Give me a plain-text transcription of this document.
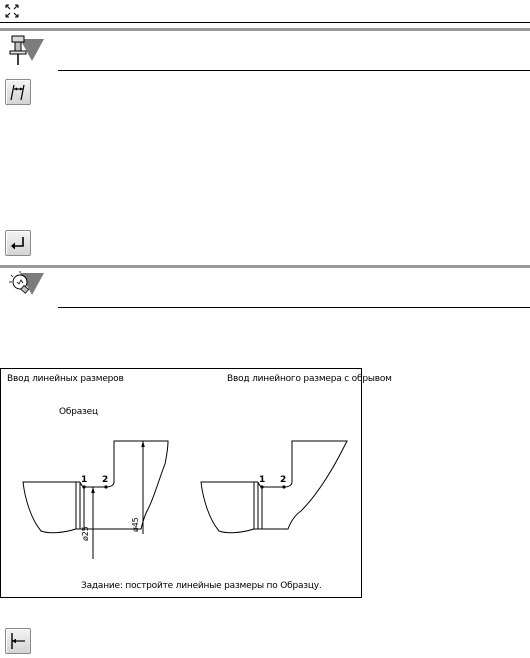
Ввод линейных размеров	Ввод линейного размера с обрывом
Образец
1 2	1 2
ø25
ø45
Задание: постройте линейные размеры по Образцу.
